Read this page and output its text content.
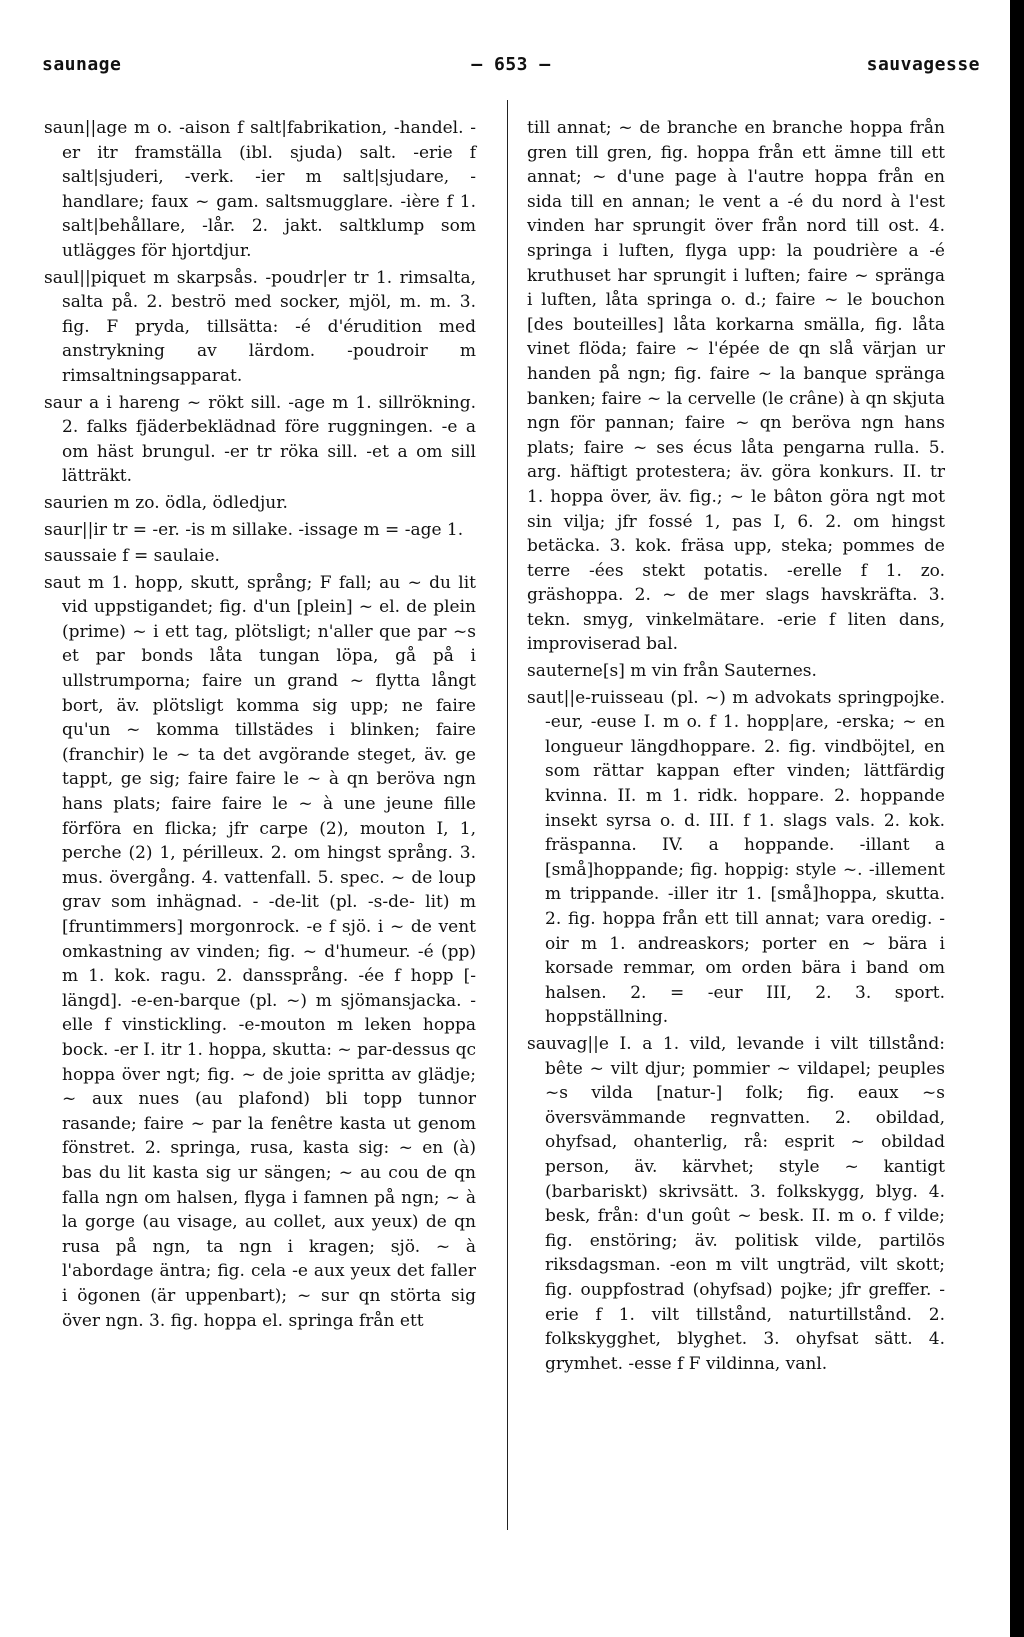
saunage	— 653 —	sauvagesse

saun||age m o. -aison f salt|fabrikation, -handel. -er itr framställa (ibl. sjuda) salt. -erie f salt|sjuderi, -verk. -ier m salt|sjudare, -handlare; faux ~ gam. saltsmugglare. -ière f 1. salt|behållare, -lår. 2. jakt. saltklump som utlägges för hjortdjur.

saul||piquet m skarpsås. -poudr|er tr 1. rimsalta, salta på. 2. beströ med socker, mjöl, m. m. 3. fig. F pryda, tillsätta: -é d'érudition med anstrykning av lärdom. -poudroir m rimsaltningsapparat.

saur a i hareng ~ rökt sill. -age m 1. sillrökning. 2. falks fjäderbeklädnad före ruggningen. -e a om häst brungul. -er tr röka sill. -et a om sill lätträkt.

saurien m zo. ödla, ödledjur.

saur||ir tr = -er. -is m sillake. -issage m = -age 1.

saussaie f = saulaie.

saut m 1. hopp, skutt, språng; F fall; au ~ du lit vid uppstigandet; fig. d'un [plein] ~ el. de plein (prime) ~ i ett tag, plötsligt; n'aller que par ~s et par bonds låta tungan löpa, gå på i ullstrumporna; faire un grand ~ flytta långt bort, äv. plötsligt komma sig upp; ne faire qu'un ~ komma tillstädes i blinken; faire (franchir) le ~ ta det avgörande steget, äv. ge tappt, ge sig; faire faire le ~ à qn beröva ngn hans plats; faire faire le ~ à une jeune fille förföra en flicka; jfr carpe (2), mouton I, 1, perche (2) 1, périlleux. 2. om hingst språng. 3. mus. övergång. 4. vattenfall. 5. spec. ~ de loup grav som inhägnad. - -de-lit (pl. -s-de- lit) m [fruntimmers] morgonrock. -e f sjö. i ~ de vent omkastning av vinden; fig. ~ d'humeur. -é (pp) m 1. kok. ragu. 2. danssprång. -ée f hopp [-längd]. -e-en-barque (pl. ~) m sjömansjacka. -elle f vinstickling. -e-mouton m leken hoppa bock. -er I. itr 1. hoppa, skutta: ~ par-dessus qc hoppa över ngt; fig. ~ de joie spritta av glädje; ~ aux nues (au plafond) bli topp tunnor rasande; faire ~ par la fenêtre kasta ut genom fönstret. 2. springa, rusa, kasta sig: ~ en (à) bas du lit kasta sig ur sängen; ~ au cou de qn falla ngn om halsen, flyga i famnen på ngn; ~ à la gorge (au visage, au collet, aux yeux) de qn rusa på ngn, ta ngn i kragen; sjö. ~ à l'abordage äntra; fig. cela -e aux yeux det faller i ögonen (är uppenbart); ~ sur qn störta sig över ngn. 3. fig. hoppa el. springa från ett

till annat; ~ de branche en branche hoppa från gren till gren, fig. hoppa från ett ämne till ett annat; ~ d'une page à l'autre hoppa från en sida till en annan; le vent a -é du nord à l'est vinden har sprungit över från nord till ost. 4. springa i luften, flyga upp: la poudrière a -é kruthuset har sprungit i luften; faire ~ spränga i luften, låta springa o. d.; faire ~ le bouchon [des bouteilles] låta korkarna smälla, fig. låta vinet flöda; faire ~ l'épée de qn slå värjan ur handen på ngn; fig. faire ~ la banque spränga banken; faire ~ la cervelle (le crâne) à qn skjuta ngn för pannan; faire ~ qn beröva ngn hans plats; faire ~ ses écus låta pengarna rulla. 5. arg. häftigt protestera; äv. göra konkurs. II. tr 1. hoppa över, äv. fig.; ~ le bâton göra ngt mot sin vilja; jfr fossé 1, pas I, 6. 2. om hingst betäcka. 3. kok. fräsa upp, steka; pommes de terre -ées stekt potatis. -erelle f 1. zo. gräshoppa. 2. ~ de mer slags havskräfta. 3. tekn. smyg, vinkelmätare. -erie f liten dans, improviserad bal.

sauterne[s] m vin från Sauternes.

saut||e-ruisseau (pl. ~) m advokats springpojke. -eur, -euse I. m o. f 1. hopp|are, -erska; ~ en longueur längdhoppare. 2. fig. vindböjtel, en som rättar kappan efter vinden; lättfärdig kvinna. II. m 1. ridk. hoppare. 2. hoppande insekt syrsa o. d. III. f 1. slags vals. 2. kok. fräspanna. IV. a hoppande. -illant a [små]hoppande; fig. hoppig: style ~. -illement m trippande. -iller itr 1. [små]hoppa, skutta. 2. fig. hoppa från ett till annat; vara oredig. -oir m 1. andreaskors; porter en ~ bära i korsade remmar, om orden bära i band om halsen. 2. = -eur III, 2. 3. sport. hoppställning.

sauvag||e I. a 1. vild, levande i vilt tillstånd: bête ~ vilt djur; pommier ~ vildapel; peuples ~s vilda [natur-] folk; fig. eaux ~s översvämmande regnvatten. 2. obildad, ohyfsad, ohanterlig, rå: esprit ~ obildad person, äv. kärvhet; style ~ kantigt (barbariskt) skrivsätt. 3. folkskygg, blyg. 4. besk, från: d'un goût ~ besk. II. m o. f vilde; fig. enstöring; äv. politisk vilde, partilös riksdagsman. -eon m vilt ungträd, vilt skott; fig. ouppfostrad (ohyfsad) pojke; jfr greffer. -erie f 1. vilt tillstånd, naturtillstånd. 2. folkskygghet, blyghet. 3. ohyfsat sätt. 4. grymhet. -esse f F vildinna, vanl.
